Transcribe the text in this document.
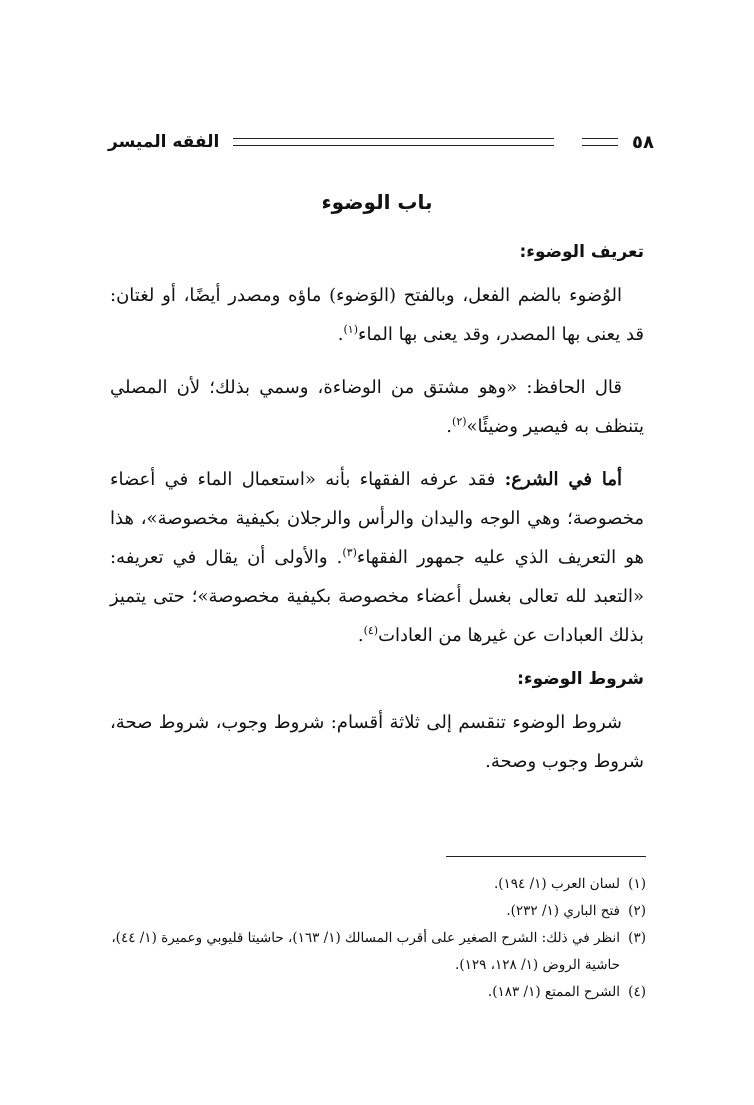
٥٨
الفقه الميسر
باب الوضوء
تعريف الوضوء:

الوُضوء بالضم الفعل، وبالفتح (الوَضوء) ماؤه ومصدر أيضًا، أو لغتان: قد يعنى بها المصدر، وقد يعنى بها الماء$^{(١)}$.

قال الحافظ: «وهو مشتق من الوضاءة، وسمي بذلك؛ لأن المصلي يتنظف به فيصير وضيئًا»$^{(٢)}$.

أما في الشرع: فقد عرفه الفقهاء بأنه «استعمال الماء في أعضاء مخصوصة؛ وهي الوجه واليدان والرأس والرجلان بكيفية مخصوصة»، هذا هو التعريف الذي عليه جمهور الفقهاء$^{(٣)}$. والأولى أن يقال في تعريفه: «التعبد لله تعالى بغسل أعضاء مخصوصة بكيفية مخصوصة»؛ حتى يتميز بذلك العبادات عن غيرها من العادات$^{(٤)}$.

شروط الوضوء:

شروط الوضوء تنقسم إلى ثلاثة أقسام: شروط وجوب، شروط صحة، شروط وجوب وصحة.

(١)لسان العرب (١/ ١٩٤).

(٢)فتح الباري (١/ ٢٣٢).

(٣)انظر في ذلك: الشرح الصغير على أقرب المسالك (١/ ١٦٣)، حاشيتا قليوبي وعميرة (١/ ٤٤)،

حاشية الروض (١/ ١٢٨، ١٢٩).

(٤)الشرح الممتع (١/ ١٨٣).
